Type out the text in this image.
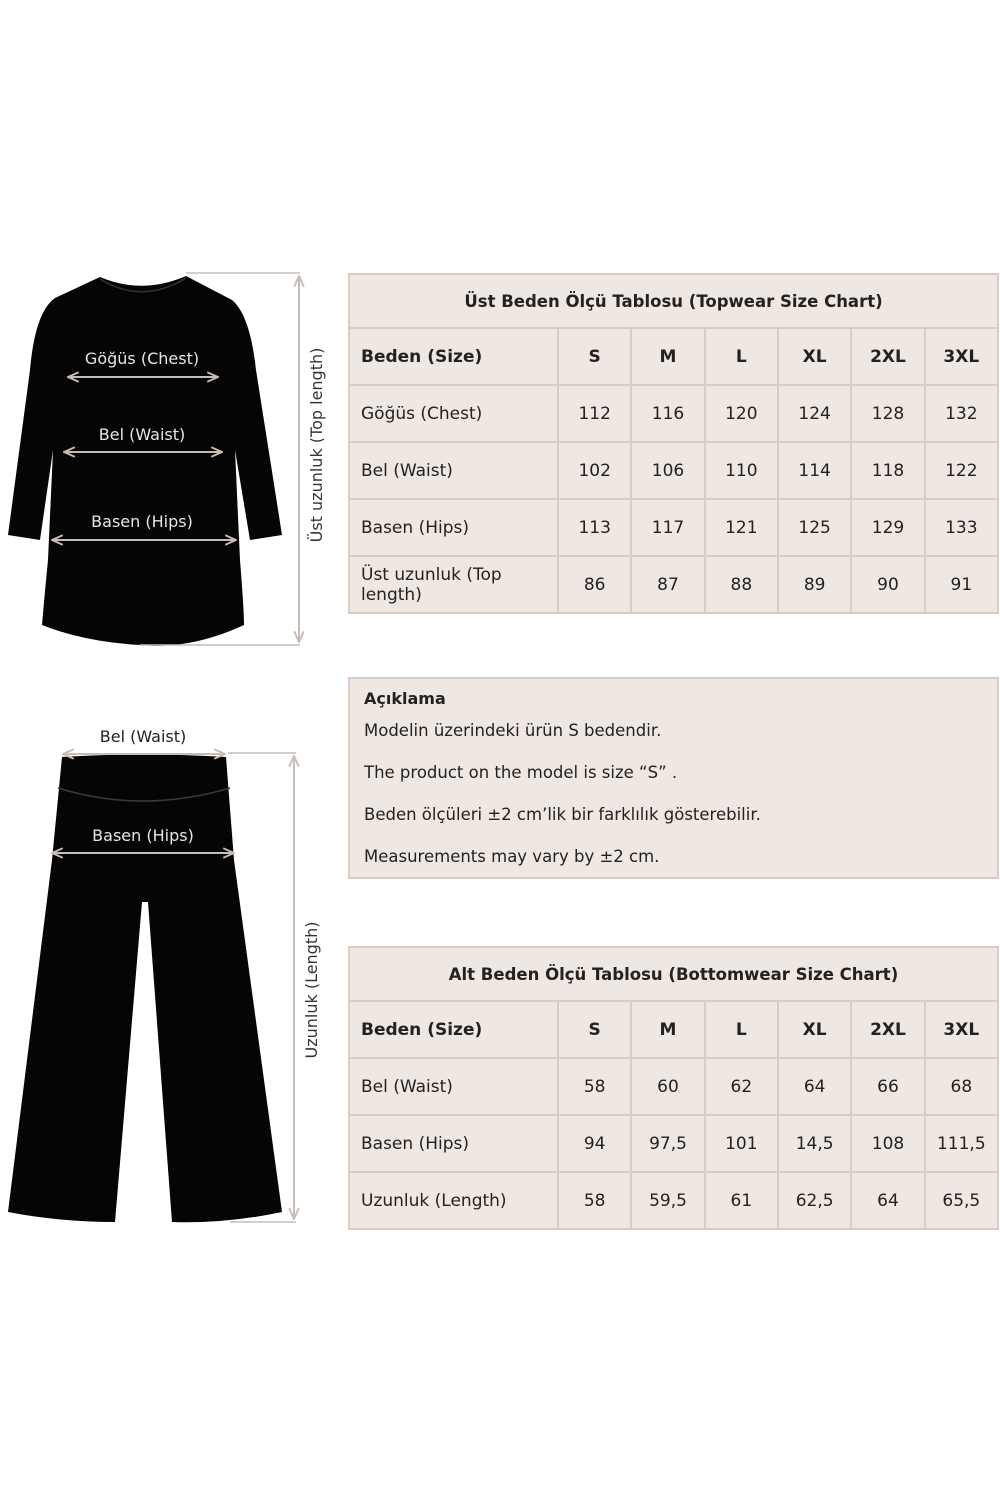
Göğüs (Chest)
Bel (Waist)
Basen (Hips)	Üst uzunluk (Top length)
Bel (Waist)
Basen (Hips)
Uzunluk (Length)
Üst Beden Ölçü Tablosu (Topwear Size Chart)						
Beden (Size)	S	M	L	XL	2XL	3XL
Göğüs (Chest)	112	116	120	124	128	132
Bel (Waist)	102	106	110	114	118	122
Basen (Hips)	113	117	121	125	129	133
Üst uzunluk (Top length)	86	87	88	89	90	91
Açıklama
Modelin üzerindeki ürün S bedendir.
The product on the model is size “S” .
Beden ölçüleri ±2 cm’lik bir farklılık gösterebilir.
Measurements may vary by ±2 cm.
Alt Beden Ölçü Tablosu (Bottomwear Size Chart)						
Beden (Size)	S	M	L	XL	2XL	3XL
Bel (Waist)	58	60	62	64	66	68
Basen (Hips)	94	97,5	101	14,5	108	111,5
Uzunluk (Length)	58	59,5	61	62,5	64	65,5
